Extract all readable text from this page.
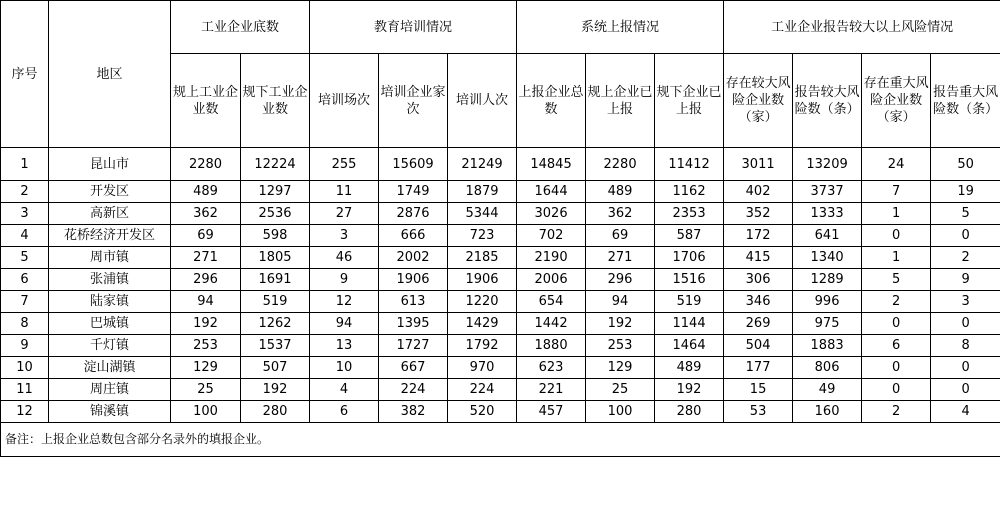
序号	地区	工业企业底数		教育培训情况			系统上报情况			工业企业报告较大以上风险情况			
		规上工业企业数	规下工业企业数	培训场次	培训企业家次	培训人次	上报企业总数	规上企业已上报	规下企业已上报	存在较大风险企业数（家）	报告较大风险数（条）	存在重大风险企业数（家）	报告重大风险数（条）
1	昆山市	2280	12224	255	15609	21249	14845	2280	11412	3011	13209	24	50
2	开发区	489	1297	11	1749	1879	1644	489	1162	402	3737	7	19
3	高新区	362	2536	27	2876	5344	3026	362	2353	352	1333	1	5
4	花桥经济开发区	69	598	3	666	723	702	69	587	172	641	0	0
5	周市镇	271	1805	46	2002	2185	2190	271	1706	415	1340	1	2
6	张浦镇	296	1691	9	1906	1906	2006	296	1516	306	1289	5	9
7	陆家镇	94	519	12	613	1220	654	94	519	346	996	2	3
8	巴城镇	192	1262	94	1395	1429	1442	192	1144	269	975	0	0
9	千灯镇	253	1537	13	1727	1792	1880	253	1464	504	1883	6	8
10	淀山湖镇	129	507	10	667	970	623	129	489	177	806	0	0
11	周庄镇	25	192	4	224	224	221	25	192	15	49	0	0
12	锦溪镇	100	280	6	382	520	457	100	280	53	160	2	4
备注：上报企业总数包含部分名录外的填报企业。													
